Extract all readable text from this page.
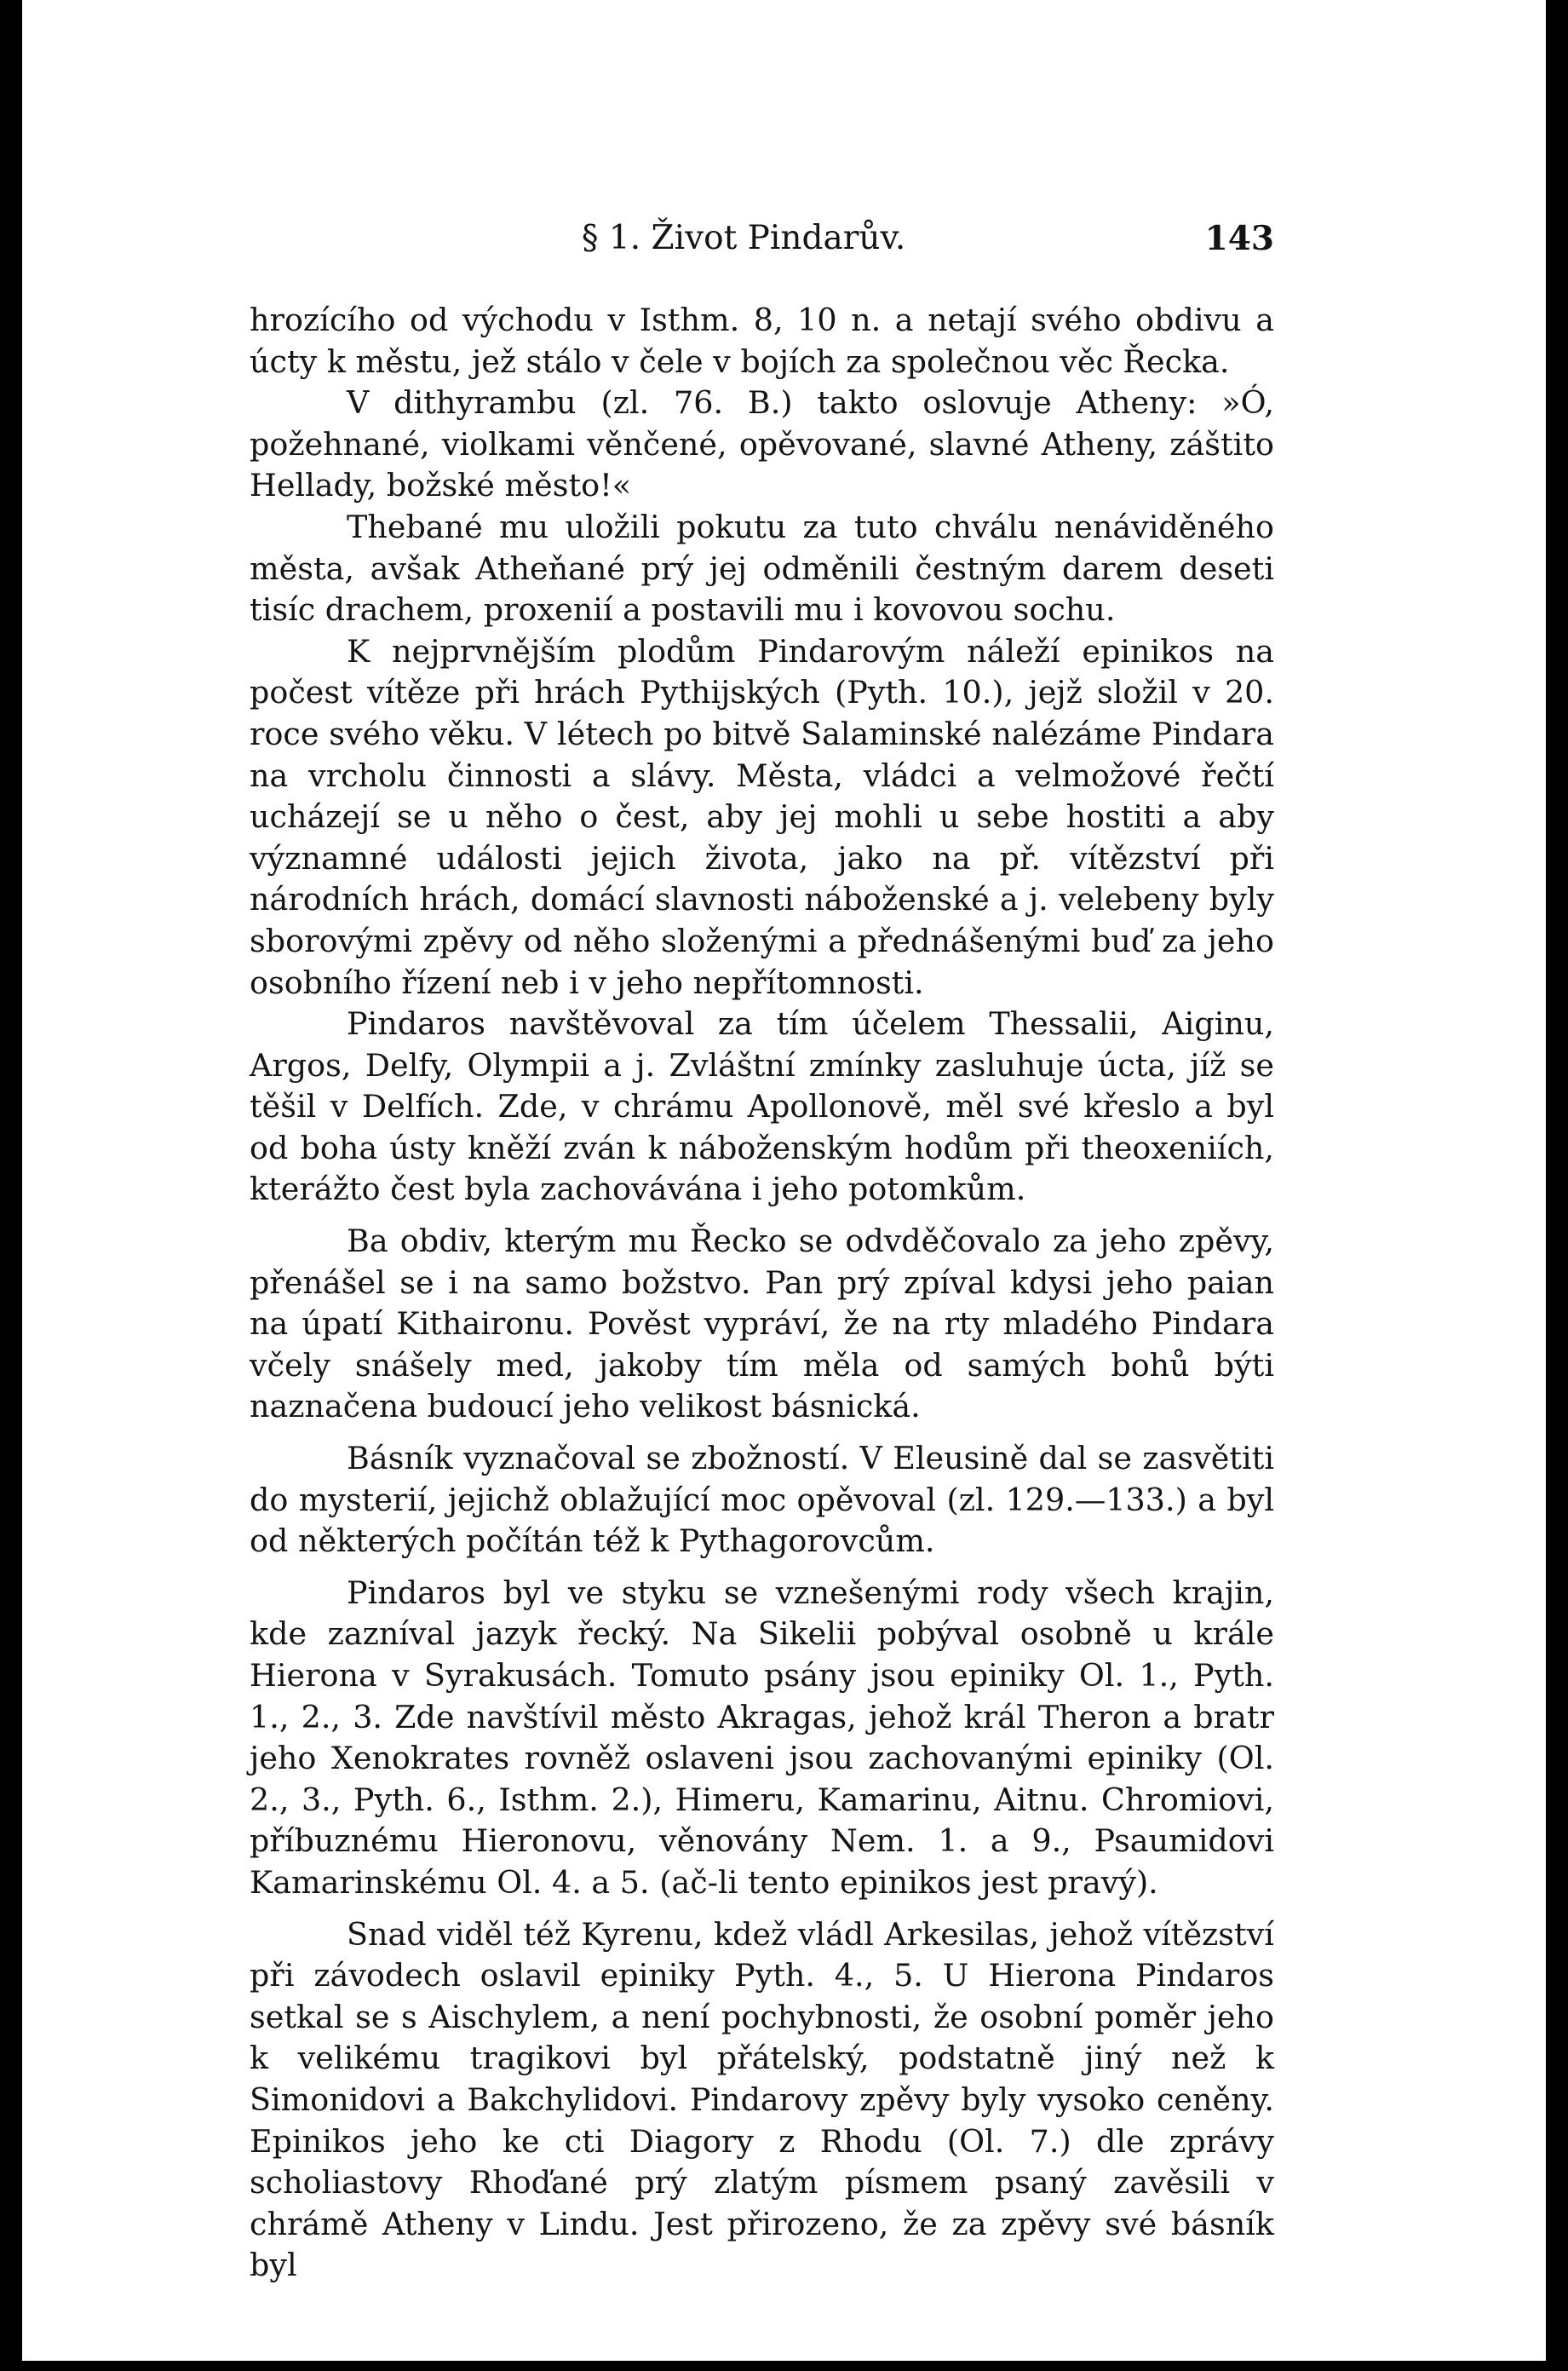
§ 1. Život Pindarův.	143

hrozícího od východu v Isthm. 8, 10 n. a netají svého obdivu a úcty k městu, jež stálo v čele v bojích za společnou věc Řecka.

V dithyrambu (zl. 76. B.) takto oslovuje Atheny: »Ó, požehnané, violkami věnčené, opěvované, slavné Atheny, záštito Hellady, božské město!«

Thebané mu uložili pokutu za tuto chválu nenáviděného města, avšak Atheňané prý jej odměnili čestným darem deseti tisíc drachem, proxenií a postavili mu i kovovou sochu.

K nejprvnějším plodům Pindarovým náleží epinikos na počest vítěze při hrách Pythijských (Pyth. 10.), jejž složil v 20. roce svého věku. V létech po bitvě Salaminské nalézáme Pindara na vrcholu činnosti a slávy. Města, vládci a velmožové řečtí ucházejí se u něho o čest, aby jej mohli u sebe hostiti a aby významné události jejich života, jako na př. vítězství při národních hrách, domácí slavnosti náboženské a j. velebeny byly sborovými zpěvy od něho složenými a přednášenými buď za jeho osobního řízení neb i v jeho nepřítomnosti.

Pindaros navštěvoval za tím účelem Thessalii, Aiginu, Argos, Delfy, Olympii a j. Zvláštní zmínky zasluhuje úcta, jíž se těšil v Delfích. Zde, v chrámu Apollonově, měl své křeslo a byl od boha ústy kněží zván k náboženským hodům při theoxeniích, kterážto čest byla zachovávána i jeho potomkům.

Ba obdiv, kterým mu Řecko se odvděčovalo za jeho zpěvy, přenášel se i na samo božstvo. Pan prý zpíval kdysi jeho paian na úpatí Kithaironu. Pověst vypráví, že na rty mladého Pindara včely snášely med, jakoby tím měla od samých bohů býti naznačena budoucí jeho velikost básnická.

Básník vyznačoval se zbožností. V Eleusině dal se zasvětiti do mysterií, jejichž oblažující moc opěvoval (zl. 129.—133.) a byl od některých počítán též k Pythagorovcům.

Pindaros byl ve styku se vznešenými rody všech krajin, kde zazníval jazyk řecký. Na Sikelii pobýval osobně u krále Hierona v Syrakusách. Tomuto psány jsou epiniky Ol. 1., Pyth. 1., 2., 3. Zde navštívil město Akragas, jehož král Theron a bratr jeho Xenokrates rovněž oslaveni jsou zachovanými epiniky (Ol. 2., 3., Pyth. 6., Isthm. 2.), Himeru, Kamarinu, Aitnu. Chromiovi, příbuznému Hieronovu, věnovány Nem. 1. a 9., Psaumidovi Kamarinskému Ol. 4. a 5. (ač-li tento epinikos jest pravý).

Snad viděl též Kyrenu, kdež vládl Arkesilas, jehož vítězství při závodech oslavil epiniky Pyth. 4., 5. U Hierona Pindaros setkal se s Aischylem, a není pochybnosti, že osobní poměr jeho k velikému tragikovi byl přátelský, podstatně jiný než k Simonidovi a Bakchylidovi. Pindarovy zpěvy byly vysoko ceněny. Epinikos jeho ke cti Diagory z Rhodu (Ol. 7.) dle zprávy scholiastovy Rhoďané prý zlatým písmem psaný zavěsili v chrámě Atheny v Lindu. Jest přirozeno, že za zpěvy své básník byl
